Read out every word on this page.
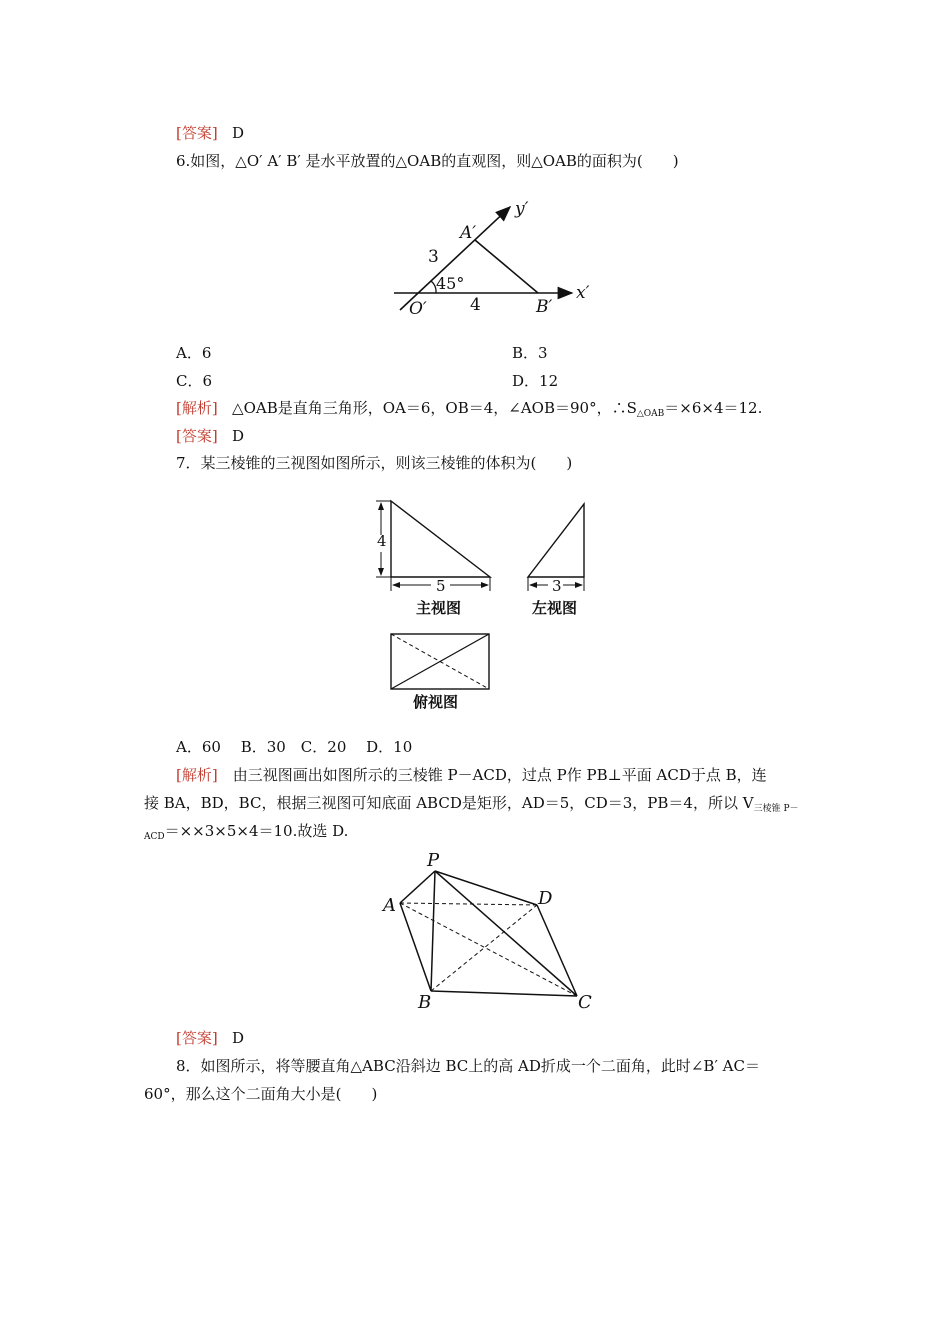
[答案] D
6.如图，△O′ A′ B′ 是水平放置的△OAB的直观图，则△OAB的面积为(　　)
y′
A′
3
45°	x′
O′	4	B′
A．6	B．3
C．6	D．12
[解析] △OAB是直角三角形，OA＝6，OB＝4，∠AOB＝90°，$\therefore S_{\triangle OAB}=\times 6\times 4=12$.
[答案] D
7．某三棱锥的三视图如图所示，则该三棱锥的体积为(　　)
4
5
主视图
3
左视图
俯视图
A．60　 B．30　C．20　 D．10
[解析]　由三视图画出如图所示的三棱锥 P－ACD，过点 P作 PB⊥平面 ACD于点 B，连
接 BA，BD，BC，根据三视图可知底面 ABCD是矩形，AD＝5，CD＝3，PB＝4，所以 $V_{三棱锥 P-}$
$_{ACD}$＝××3×5×4＝10.故选 D.
P
A	D
B	C
[答案] D
8．如图所示，将等腰直角△ABC沿斜边 BC上的高 AD折成一个二面角，此时∠B′ AC＝
60°，那么这个二面角大小是(　　)
